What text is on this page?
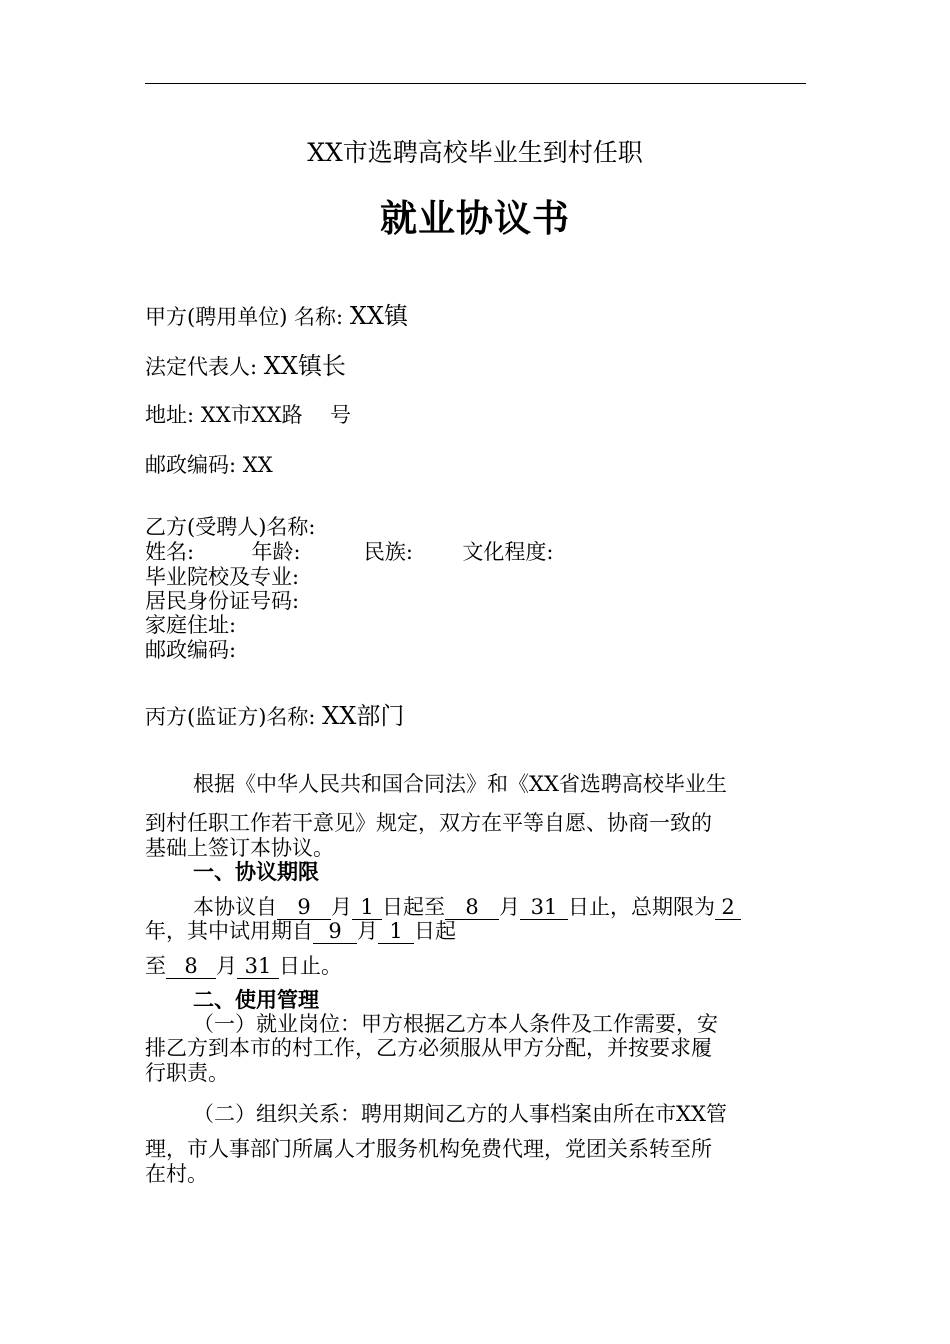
XX市选聘高校毕业生到村任职
就业协议书
甲方(聘用单位) 名称: XX镇
法定代表人: XX镇长
地址: XX市XX路 号
邮政编码: XX
乙方(受聘人)名称:
姓名:	年龄:	民族: 文化程度:
毕业院校及专业:
居民身份证号码:
家庭住址:
邮政编码:
丙方(监证方)名称: XX部门
根据《中华人民共和国合同法》和《XX省选聘高校毕业生
到村任职工作若干意见》规定，双方在平等自愿、协商一致的
基础上签订本协议。
一、协议期限
本协议自 9 月 1 日起至 8 月 31 日止，总期限为 2
年，其中试用期自 9 月 1 日起
至 8 月 31 日止。
二、使用管理
（一）就业岗位：甲方根据乙方本人条件及工作需要，安
排乙方到本市的村工作，乙方必须服从甲方分配，并按要求履
行职责。
（二）组织关系：聘用期间乙方的人事档案由所在市XX管
理，市人事部门所属人才服务机构免费代理，党团关系转至所
在村。
